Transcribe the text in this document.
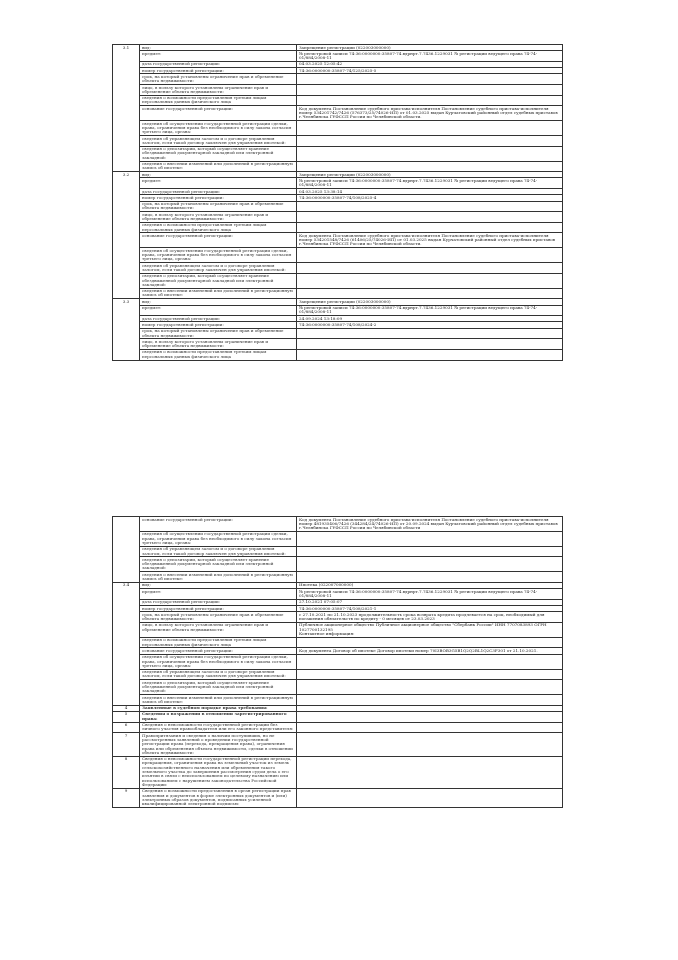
3.1	вид:	Запрещение регистрации (022003000000)
	предмет:	№ регистровой записи 74:36:0000000:35807-74.вдрнрт.7.7436.1229031 № регистрации ведущего права 74-74-01/884/2008-11
	дата государственной регистрации:	04.03.2025 12:05:42
	номер государственной регистрации:	74:36:0000000:35807-74/125/2025-5
	срок, на который установлены ограничение прав и обременение объекта недвижимости:	
	лицо, в пользу которого установлены ограничение прав и обременение объекта недвижимости:	
	сведения о возможности предоставления третьим лицам персональных данных физического лица	
	основание государственной регистрации:	Код документа Постановление судебного пристава-исполнителя Постановление судебного пристава-исполнителя номер 534201742/7426 (576373/25/74026-ИП) от 01.03.2025 выдан Курчатовский районный отдел судебных приставов г.Челябинска ГУФССП России по Челябинской области.
	сведения об осуществлении государственной регистрации сделки, права, ограничения права без необходимого в силу закона согласия третьего лица, органа:	
	сведения об управляющем залогом и о договоре управления залогом, если такой договор заключен для управления ипотекой:	
	сведения о депозитарии, который осуществляет хранение обездвиженной документарной закладной или электронной закладной:	
	сведения о внесении изменений или дополнений в регистрационную запись об ипотеке:	
3.2	вид:	Запрещение регистрации (022003000000)
	предмет:	№ регистровой записи 74:36:0000000:35807-74.вдрнрт.7.7436.1229031 № регистрации ведущего права 74-74-01/884/2008-11
	дата государственной регистрации:	04.03.2025 13:38:14
	номер государственной регистрации:	74:36:0000000:35807-74/108/2025-4
	срок, на который установлены ограничение прав и обременение объекта недвижимости:	
	лицо, в пользу которого установлены ограничение прав и обременение объекта недвижимости:	
	сведения о возможности предоставления третьим лицам персональных данных физического лица	
	основание государственной регистрации:	Код документа Постановление судебного пристава-исполнителя Постановление судебного пристава-исполнителя номер 534201548/7426 (61406/25/74026-ИП) от 01.03.2025 выдан Курчатовский районный отдел судебных приставов г.Челябинска ГУФССП России по Челябинской области.
	сведения об осуществлении государственной регистрации сделки, права, ограничения права без необходимого в силу закона согласия третьего лица, органа:	
	сведения об управляющем залогом и о договоре управления залогом, если такой договор заключен для управления ипотекой:	
	сведения о депозитарии, который осуществляет хранение обездвиженной документарной закладной или электронной закладной:	
	сведения о внесении изменений или дополнений в регистрационную запись об ипотеке:	
3.3	вид:	Запрещение регистрации (022003000000)
	предмет:	№ регистровой записи 74:36:0000000:35807-74.вдрнрт.7.7436.1229031 № регистрации ведущего права 74-74-01/884/2008-11
	дата государственной регистрации:	24.09.2024 13:18:09
	номер государственной регистрации:	74:36:0000000:35807-74/108/2024-2
	срок, на который установлены ограничение прав и обременение объекта недвижимости:	
	лицо, в пользу которого установлены ограничение прав и обременение объекта недвижимости:	
	сведения о возможности предоставления третьим лицам персональных данных физического лица	
	основание государственной регистрации:	Код документа Постановление судебного пристава-исполнителя Постановление судебного пристава-исполнителя номер 481935406/7426 (344284/24/74026-ИП) от 20.09.2024 выдан Курчатовский районный отдел судебных приставов г.Челябинска ГУФССП России по Челябинской области
	сведения об осуществлении государственной регистрации сделки, права, ограничения права без необходимого в силу закона согласия третьего лица, органа:	
	сведения об управляющем залогом и о договоре управления залогом, если такой договор заключен для управления ипотекой:	
	сведения о депозитарии, который осуществляет хранение обездвиженной документарной закладной или электронной закладной:	
	сведения о внесении изменений или дополнений в регистрационную запись об ипотеке:	
3.4	вид:	Ипотека (022007000000)
	предмет:	№ регистровой записи 74:36:0000000:35807-74.вдрнрт.7.7436.1229031 № регистрации ведущего права 74-74-01/884/2008-11
	дата государственной регистрации:	27.10.2021 07:05:07
	номер государственной регистрации:	74:36:0000000:35807-74/108/2021-1
	срок, на который установлены ограничение прав и обременение объекта недвижимости:	с 27.10.2021 по 21.10.2023 продолжительность срока возврата кредита продлевается на срок, необходимый для погашения обязательств по кредиту - 0 месяцев от 23.03.2023
	лицо, в пользу которого установлены ограничение прав и обременение объекта недвижимости:	Публичное акционерное общество Публичное акционерное общество "Сбербанк России" ИНН 7707083893 ОГРН 1027700132195
Контактное информация:
	сведения о возможности предоставления третьим лицам персональных данных физического лица	
	основание государственной регистрации:	Код документа Договор об ипотеке Договор ипотеки номер 70I3BOB3G5B1Q2Q2BL1Q2C3F301 от 21.10.2021.
	сведения об осуществлении государственной регистрации сделки, права, ограничения права без необходимого в силу закона согласия третьего лица, органа:	
	сведения об управляющем залогом и о договоре управления залогом, если такой договор заключен для управления ипотекой:	
	сведения о депозитарии, который осуществляет хранение обездвиженной документарной закладной или электронной закладной:	
	сведения о внесении изменений или дополнений в регистрационную запись об ипотеке:	
4	Заявленные в судебном порядке права требования:	
5	Сведения о возражении в отношении зарегистрированного права:	
6	Сведения о невозможности государственной регистрации без личного участия правообладателя или его законного представителя:	
7	Правопритязания и сведения о наличии поступивших, но не рассмотренных заявлений о проведении государственной регистрации права (перехода, прекращения права), ограничения права или обременения объекта недвижимости, сделки в отношении объекта недвижимости:	
8	Сведения о невозможности государственной регистрации перехода, прекращения, ограничения права на земельный участок из земель сельскохозяйственного назначения или обременения такого земельного участка до завершения рассмотрения судом дела о его изъятии в связи с неиспользованием по целевому назначению или использованием с нарушением законодательства Российской Федерации:	
9	Сведения о возможности предоставления в орган регистрации прав заявления и документов в форме электронных документов и (или) электронных образов документов, подписанных усиленной квалифицированной электронной подписью:	
